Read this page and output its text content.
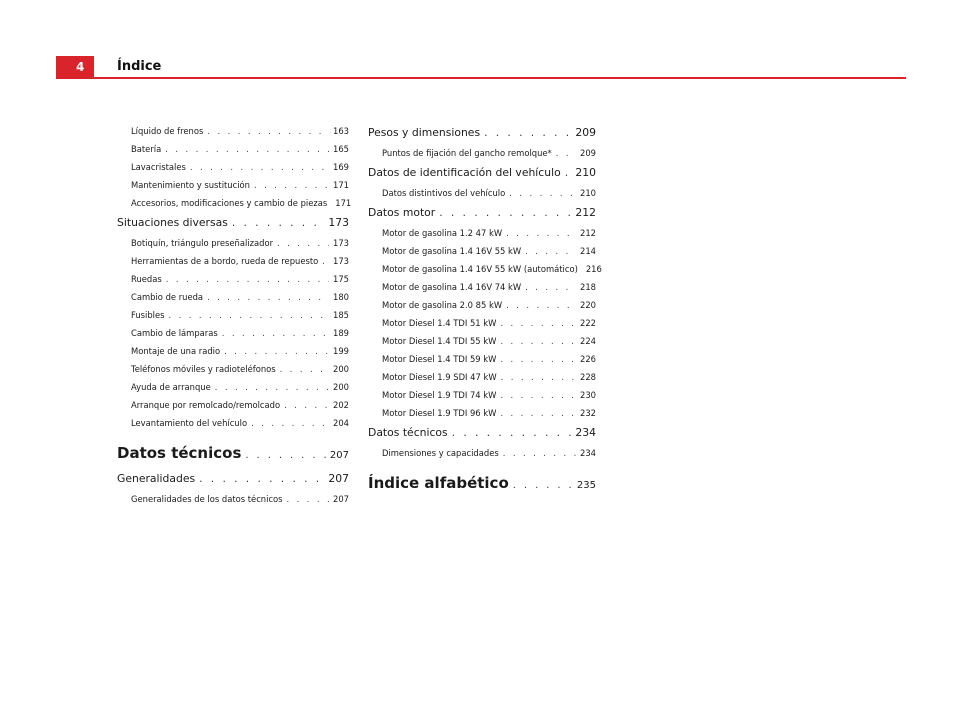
4	Índice
Líquido de frenos . . .	163
Batería . . .	165
Lavacristales . . .	169
Mantenimiento y sustitución . . .	171
Accesorios, modificaciones y cambio de piezas 171
Situaciones diversas . . .	173
Botiquín, triángulo preseñalizador . . .	173
Herramientas de a bordo, rueda de repuesto . . . 173
Ruedas . . .	175
Cambio de rueda . . .	180
Fusibles . . .	185
Cambio de lámparas . . .	189
Montaje de una radio . . .	199
Teléfonos móviles y radioteléfonos . . .	200
Ayuda de arranque . . .	200
Arranque por remolcado/remolcado . . .	202
Levantamiento del vehículo . . .	204
Datos técnicos . . .	207
Generalidades . . .	207
Generalidades de los datos técnicos . . .	207
Pesos y dimensiones . . .	209
Puntos de fijación del gancho remolque* . . .	209
Datos de identificación del vehículo . . . 210
Datos distintivos del vehículo . . .	210
Datos motor . . .	212
Motor de gasolina 1.2 47 kW . . .	212
Motor de gasolina 1.4 16V 55 kW . . .	214
Motor de gasolina 1.4 16V 55 kW (automático) 216
Motor de gasolina 1.4 16V 74 kW . . .	218
Motor de gasolina 2.0 85 kW . . .	220
Motor Diesel 1.4 TDI 51 kW . . .	222
Motor Diesel 1.4 TDI 55 kW . . .	224
Motor Diesel 1.4 TDI 59 kW . . .	226
Motor Diesel 1.9 SDI 47 kW . . .	228
Motor Diesel 1.9 TDI 74 kW . . .	230
Motor Diesel 1.9 TDI 96 kW . . .	232
Datos técnicos . . .	234
Dimensiones y capacidades . . .	234
Índice alfabético . . .	235
